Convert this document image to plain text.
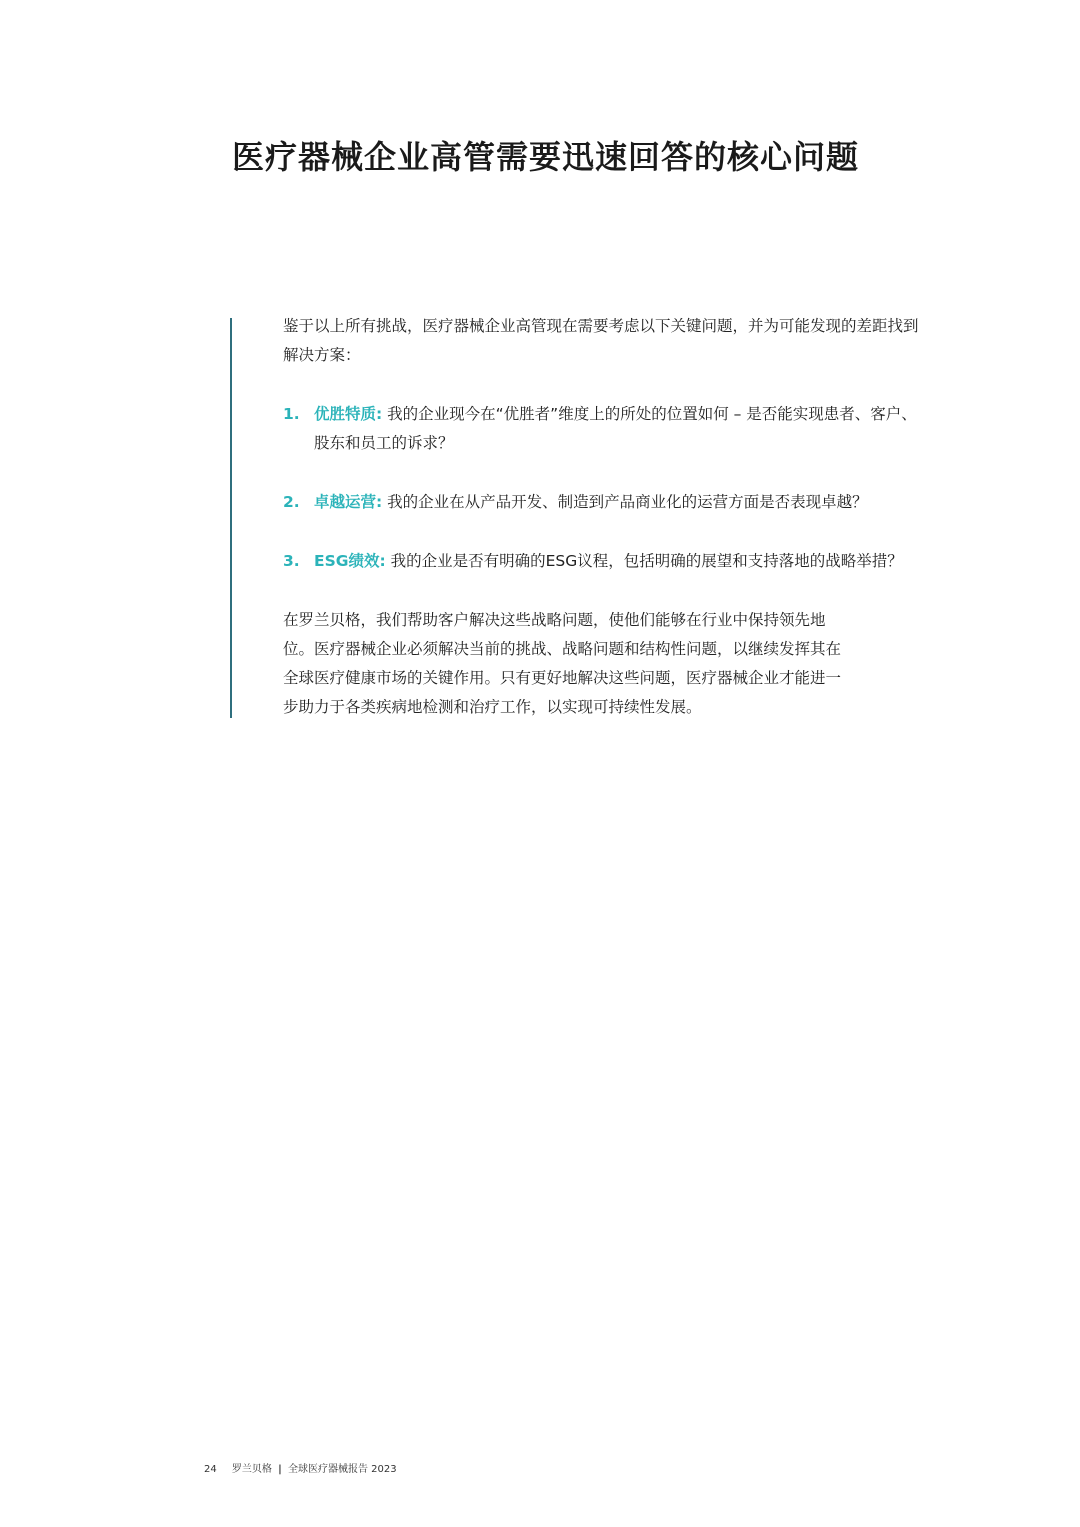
医疗器械企业高管需要迅速回答的核心问题

鉴于以上所有挑战，医疗器械企业高管现在需要考虑以下关键问题，并为可能发现的差距找到解决方案：

1. 优胜特质: 我的企业现今在“优胜者”维度上的所处的位置如何 – 是否能实现患者、客户、股东和员工的诉求？
2. 卓越运营: 我的企业在从产品开发、制造到产品商业化的运营方面是否表现卓越？
3. ESG绩效: 我的企业是否有明确的ESG议程，包括明确的展望和支持落地的战略举措？

在罗兰贝格，我们帮助客户解决这些战略问题，使他们能够在行业中保持领先地位。医疗器械企业必须解决当前的挑战、战略问题和结构性问题，以继续发挥其在全球医疗健康市场的关键作用。只有更好地解决这些问题，医疗器械企业才能进一步助力于各类疾病地检测和治疗工作，以实现可持续性发展。

24 罗兰贝格 | 全球医疗器械报告 2023
